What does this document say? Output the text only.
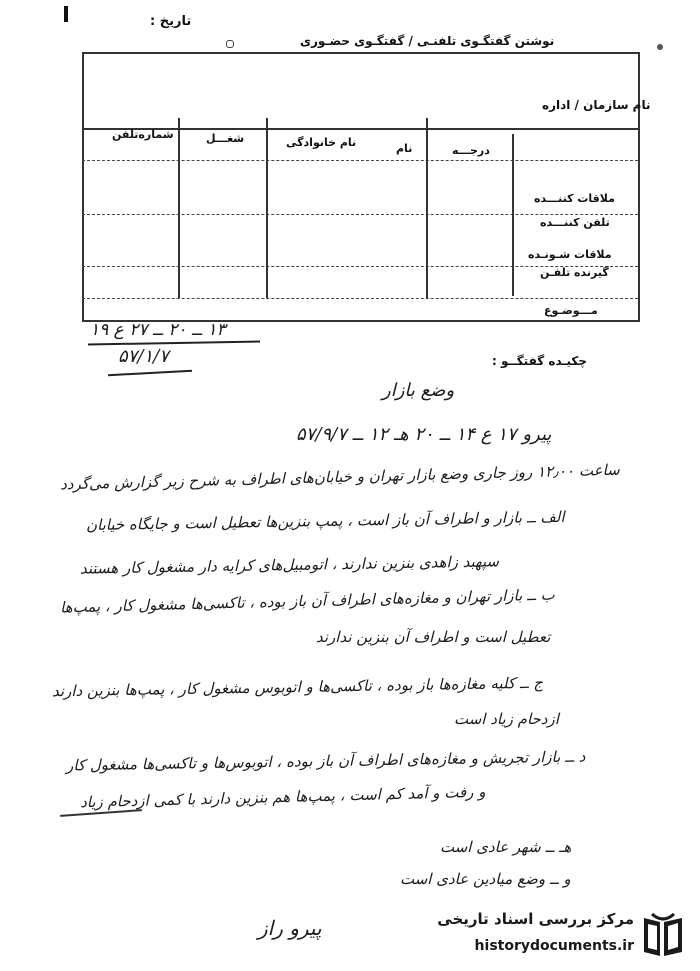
تاریخ :
نوشتن گفتگـوی تلفنـی / گفتگـوی حضـوری
نام سازمان / اداره
درجـــه
نام
نام خانوادگی
شغـــل
شماره‌تلفن
ملاقات کننـــده
تلفن کننـــده
ملاقات شـونـده
گیرنده تلفـن
مـــوضـوع
۱۳ ــ ۲۰ ــ ۲۷ ع ۱۹
۵۷/۱/۷	چکیـده گفتگــو :
وضع بازار
پیرو ۱۷ ع ۱۴ ــ ۲۰ هـ ۱۲ ــ ۵۷/۹/۷
ساعت ۱۲٫۰۰ روز جاری وضع بازار تهران و خیابان‌های اطراف به شرح زیر گزارش می‌گردد
الف ــ بازار و اطراف آن باز است ، پمپ بنزین‌ها تعطیل است و جایگاه خیابان
سپهبد زاهدی بنزین ندارند ، اتومبیل‌های کرایه دار مشغول کار هستند
ب ــ بازار تهران و مغازه‌های اطراف آن باز بوده ، تاکسی‌ها مشغول کار ، پمپ‌ها
تعطیل است و اطراف آن بنزین ندارند
ج ــ کلیه مغازه‌ها باز بوده ، تاکسی‌ها و اتوبوس مشغول کار ، پمپ‌ها بنزین دارند
ازدحام زیاد است
د ــ بازار تجریش و مغازه‌های اطراف آن باز بوده ، اتوبوس‌ها و تاکسی‌ها مشغول کار
و رفت و آمد کم است ، پمپ‌ها هم بنزین دارند با کمی ازدحام زیاد
هـ ــ شهر عادی است
و ــ وضع میادین عادی است
پیرو راز	مرکز بررسی اسناد تاریخی
historydocuments.ir
